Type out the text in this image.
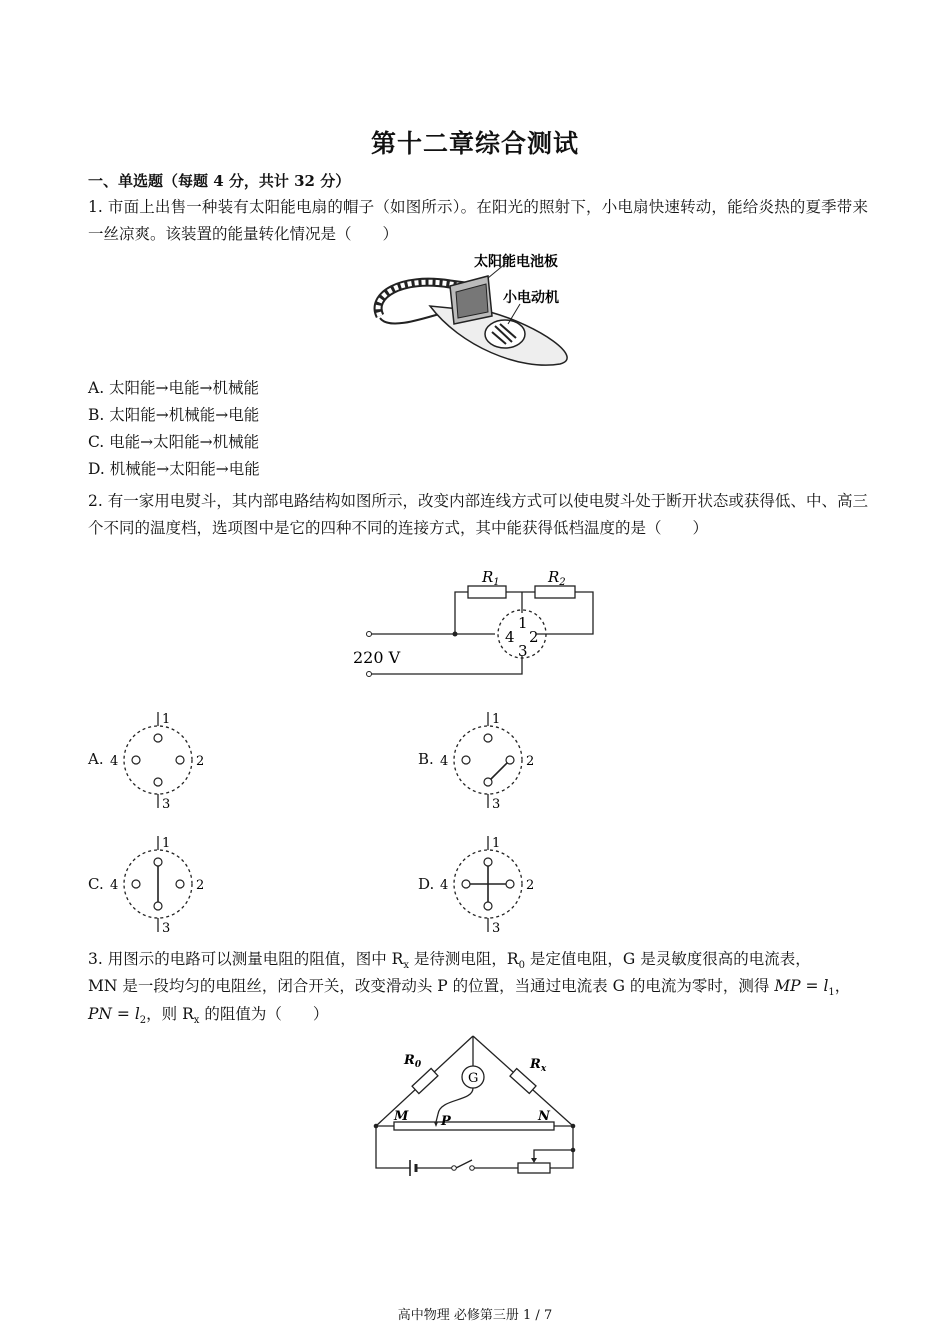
第十二章综合测试
一、单选题（每题 4 分，共计 32 分）
1. 市面上出售一种装有太阳能电扇的帽子（如图所示）。在阳光的照射下，小电扇快速转动，能给炎热的夏季带来一丝凉爽。该装置的能量转化情况是（　　）
太阳能电池板
小电动机
A. 太阳能→电能→机械能
B. 太阳能→机械能→电能
C. 电能→太阳能→机械能
D. 机械能→太阳能→电能
2. 有一家用电熨斗，其内部电路结构如图所示，改变内部连线方式可以使电熨斗处于断开状态或获得低、中、高三个不同的温度档，选项图中是它的四种不同的连接方式，其中能获得低档温度的是（　　）
$R_1$	$R_2$
1
2
3
4
220 V
A.
1
2
3
4	B.
1
2
3
4
C.
1
2
3
4	D.
1
2
3
4
3. 用图示的电路可以测量电阻的阻值，图中 $R_x$ 是待测电阻，$R_0$ 是定值电阻，G 是灵敏度很高的电流表，
MN 是一段均匀的电阻丝，闭合开关，改变滑动头 P 的位置，当通过电流表 G 的电流为零时，测得 MP = $l_1$，
PN = $l_2$，则 $R_x$ 的阻值为（　　）
G
$R_0$	$R_x$
M	N
P
高中物理 必修第三册 1 / 7
